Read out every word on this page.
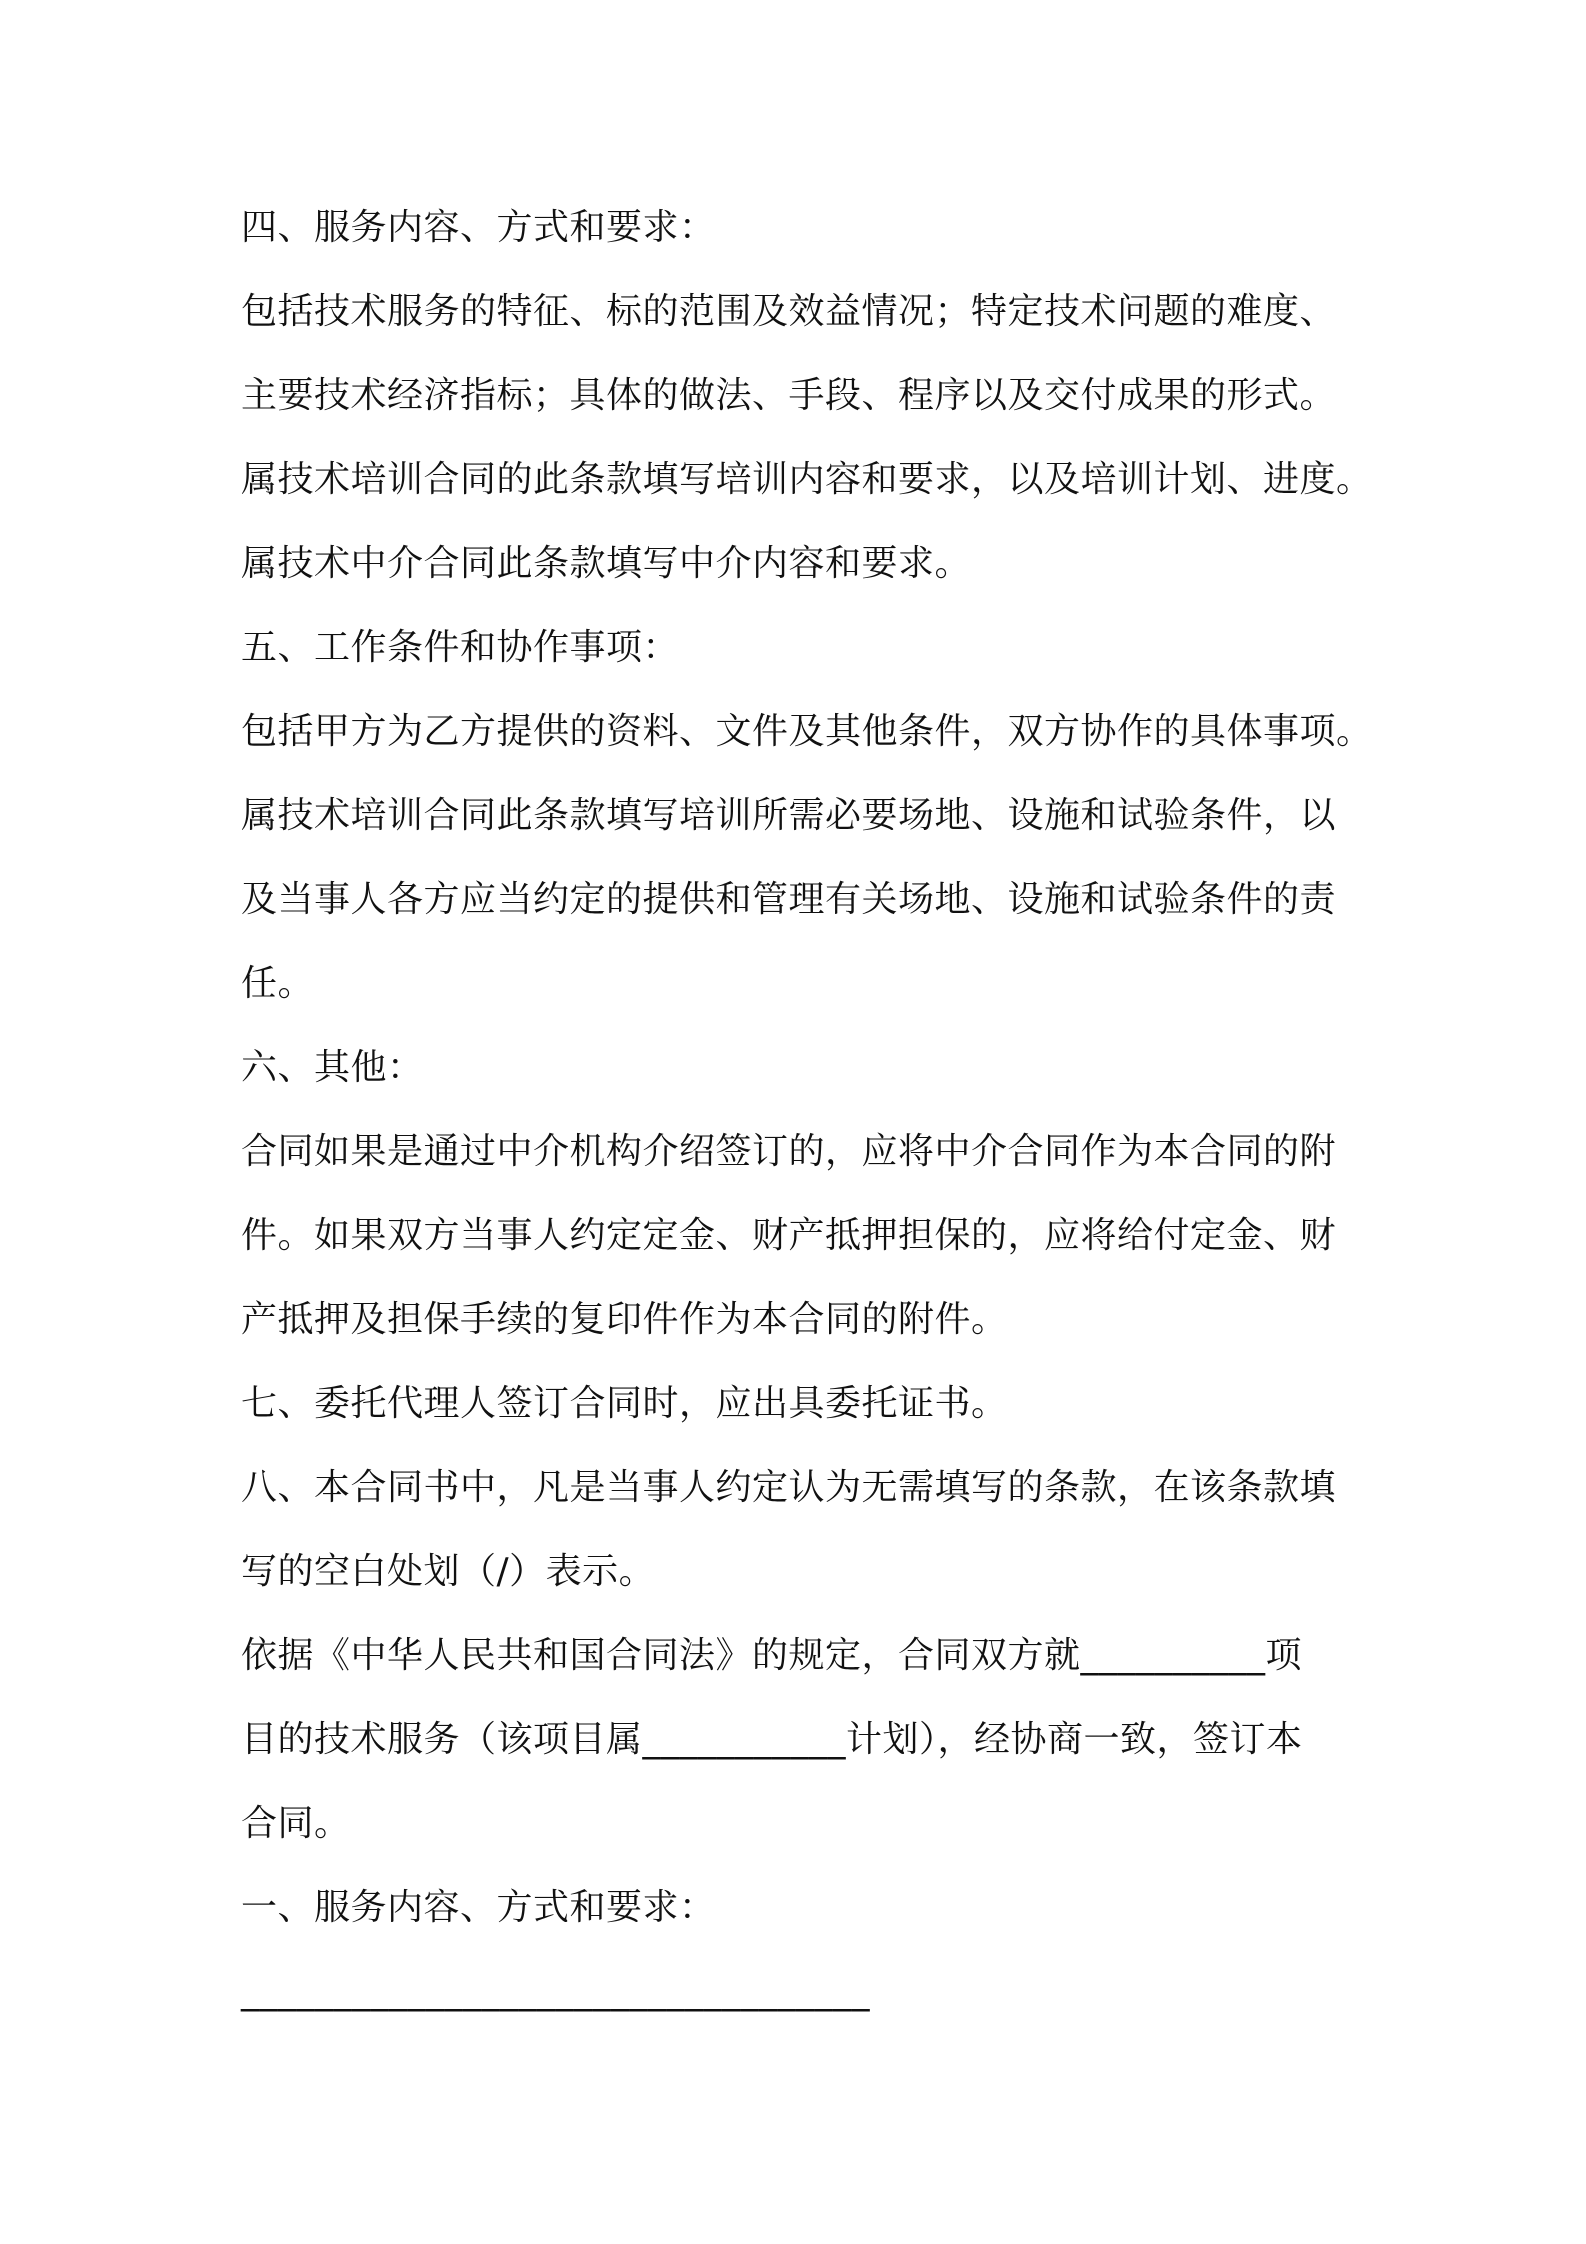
四、服务内容、方式和要求：
包括技术服务的特征、标的范围及效益情况；特定技术问题的难度、
主要技术经济指标；具体的做法、手段、程序以及交付成果的形式。
属技术培训合同的此条款填写培训内容和要求，以及培训计划、进度。
属技术中介合同此条款填写中介内容和要求。
五、工作条件和协作事项：
包括甲方为乙方提供的资料、文件及其他条件，双方协作的具体事项。
属技术培训合同此条款填写培训所需必要场地、设施和试验条件，以
及当事人各方应当约定的提供和管理有关场地、设施和试验条件的责
任。
六、其他：
合同如果是通过中介机构介绍签订的，应将中介合同作为本合同的附
件。如果双方当事人约定定金、财产抵押担保的，应将给付定金、财
产抵押及担保手续的复印件作为本合同的附件。
七、委托代理人签订合同时，应出具委托证书。
八、本合同书中，凡是当事人约定认为无需填写的条款，在该条款填
写的空白处划（/）表示。
依据《中华人民共和国合同法》的规定，合同双方就__________项
目的技术服务（该项目属___________计划），经协商一致，签订本
合同。
一、服务内容、方式和要求：
__________________________________
